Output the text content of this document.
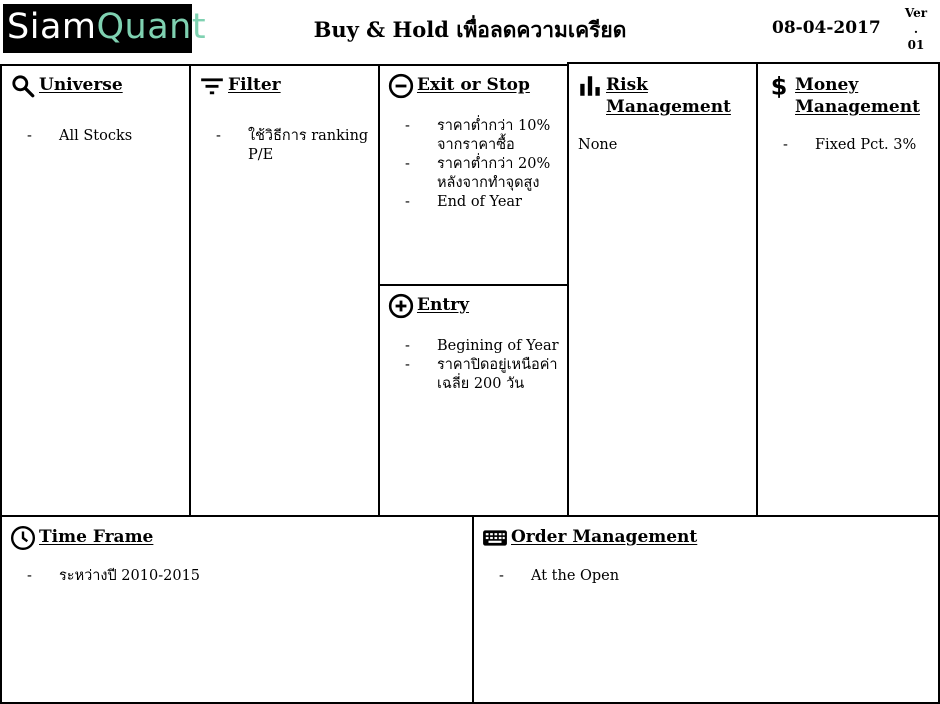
SiamQuant	Buy & Hold เพื่อลดความเครียด	08-04-2017
Ver
.
01
Universe
- All Stocks
Filter
- ใช้วิธีการ ranking P/E
Exit or Stop
- ราคาต่ำกว่า 10% จากราคาซื้อ
- ราคาต่ำกว่า 20% หลังจากทำจุดสูง
- End of Year
Entry
- Begining of Year
- ราคาปิดอยู่เหนือค่าเฉลี่ย 200 วัน
Risk Management

None

$ Money Management
- Fixed Pct. 3%
Time Frame
- ระหว่างปี 2010-2015
Order Management
- At the Open
